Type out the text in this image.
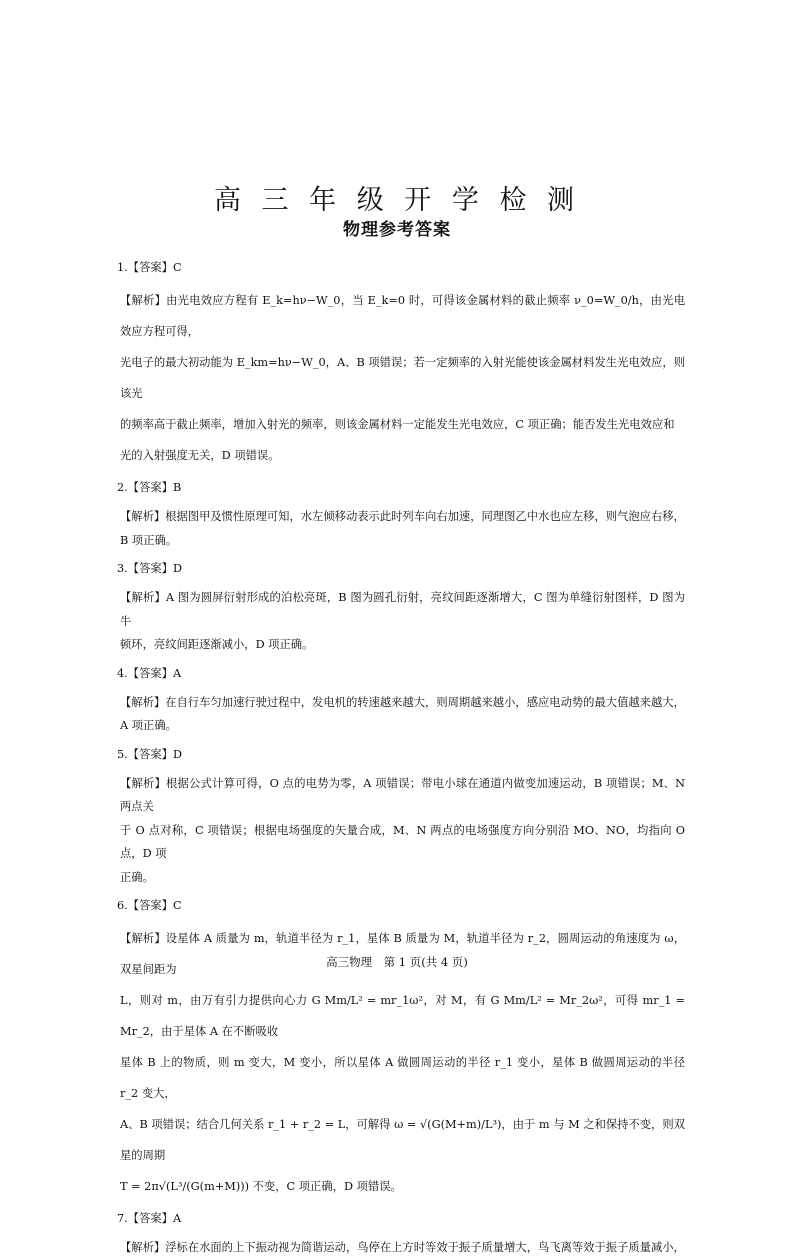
高 三 年 级 开 学 检 测
物理参考答案
1.【答案】C
【解析】由光电效应方程有 E_k=hν−W_0，当 E_k=0 时，可得该金属材料的截止频率 ν_0=W_0/h，由光电效应方程可得，
光电子的最大初动能为 E_km=hν−W_0，A、B 项错误；若一定频率的入射光能使该金属材料发生光电效应，则该光
的频率高于截止频率，增加入射光的频率，则该金属材料一定能发生光电效应，C 项正确；能否发生光电效应和
光的入射强度无关，D 项错误。
2.【答案】B
【解析】根据图甲及惯性原理可知，水左倾移动表示此时列车向右加速，同理图乙中水也应左移，则气泡应右移，
B 项正确。
3.【答案】D
【解析】A 图为圆屏衍射形成的泊松亮斑，B 图为圆孔衍射，亮纹间距逐渐增大，C 图为单缝衍射图样，D 图为牛
顿环，亮纹间距逐渐减小，D 项正确。
4.【答案】A
【解析】在自行车匀加速行驶过程中，发电机的转速越来越大，则周期越来越小，感应电动势的最大值越来越大，
A 项正确。
5.【答案】D
【解析】根据公式计算可得，O 点的电势为零，A 项错误；带电小球在通道内做变加速运动，B 项错误；M、N 两点关
于 O 点对称，C 项错误；根据电场强度的矢量合成，M、N 两点的电场强度方向分别沿 MO、NO，均指向 O 点，D 项
正确。
6.【答案】C
【解析】设星体 A 质量为 m，轨道半径为 r_1，星体 B 质量为 M，轨道半径为 r_2，圆周运动的角速度为 ω，双星间距为
L，则对 m，由万有引力提供向心力 G Mm/L² = mr_1ω²，对 M，有 G Mm/L² = Mr_2ω²，可得 mr_1 = Mr_2，由于星体 A 在不断吸收
星体 B 上的物质，则 m 变大，M 变小，所以星体 A 做圆周运动的半径 r_1 变小，星体 B 做圆周运动的半径 r_2 变大，
A、B 项错误；结合几何关系 r_1 + r_2 = L，可解得 ω = √(G(M+m)/L³)，由于 m 与 M 之和保持不变，则双星的周期
T = 2π√(L³/(G(m+M))) 不变，C 项正确，D 项错误。
7.【答案】A
【解析】浮标在水面的上下振动视为简谐运动，鸟停在上方时等效于振子质量增大，鸟飞离等效于振子质量减小，
高三物理　第 1 页(共 4 页)
